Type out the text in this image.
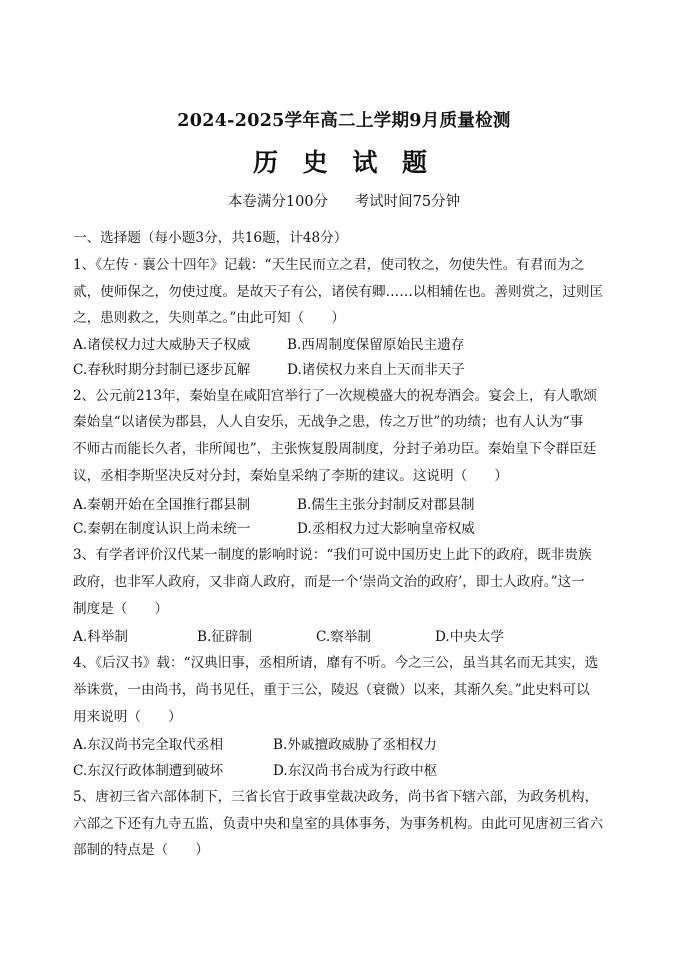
2024-2025学年高二上学期9月质量检测
历 史 试 题
本卷满分100分 考试时间75分钟
一、选择题（每小题3分，共16题，计48分）
1、《左传 · 襄公十四年》记载：“天生民而立之君，使司牧之，勿使失性。有君而为之
贰，使师保之，勿使过度。是故天子有公，诸侯有卿……以相辅佐也。善则赏之，过则匡
之，患则救之，失则革之。”由此可知（　　）
A.诸侯权力过大威胁天子权威	B.西周制度保留原始民主遗存
C.春秋时期分封制已逐步瓦解	D.诸侯权力来自上天而非天子
2、公元前213年，秦始皇在咸阳宫举行了一次规模盛大的祝寿酒会。宴会上，有人歌颂
秦始皇“以诸侯为郡县，人人自安乐，无战争之患，传之万世”的功绩；也有人认为“事
不师古而能长久者，非所闻也”，主张恢复殷周制度，分封子弟功臣。秦始皇下令群臣廷
议，丞相李斯坚决反对分封，秦始皇采纳了李斯的建议。这说明（　　）
A.秦朝开始在全国推行郡县制	B.儒生主张分封制反对郡县制
C.秦朝在制度认识上尚未统一	D.丞相权力过大影响皇帝权威
3、有学者评价汉代某一制度的影响时说：“我们可说中国历史上此下的政府，既非贵族
政府，也非军人政府，又非商人政府，而是一个‘崇尚文治的政府’，即士人政府。”这一
制度是（　　）
A.科举制	B.征辟制	C.察举制	D.中央太学
4、《后汉书》载：“汉典旧事，丞相所请，靡有不听。今之三公，虽当其名而无其实，选
举诛赏，一由尚书，尚书见任，重于三公，陵迟（衰微）以来，其渐久矣。”此史料可以
用来说明（　　）
A.东汉尚书完全取代丞相	B.外戚擅政威胁了丞相权力
C.东汉行政体制遭到破坏	D.东汉尚书台成为行政中枢
5、唐初三省六部体制下，三省长官于政事堂裁决政务，尚书省下辖六部，为政务机构，
六部之下还有九寺五监，负责中央和皇室的具体事务，为事务机构。由此可见唐初三省六
部制的特点是（　　）
